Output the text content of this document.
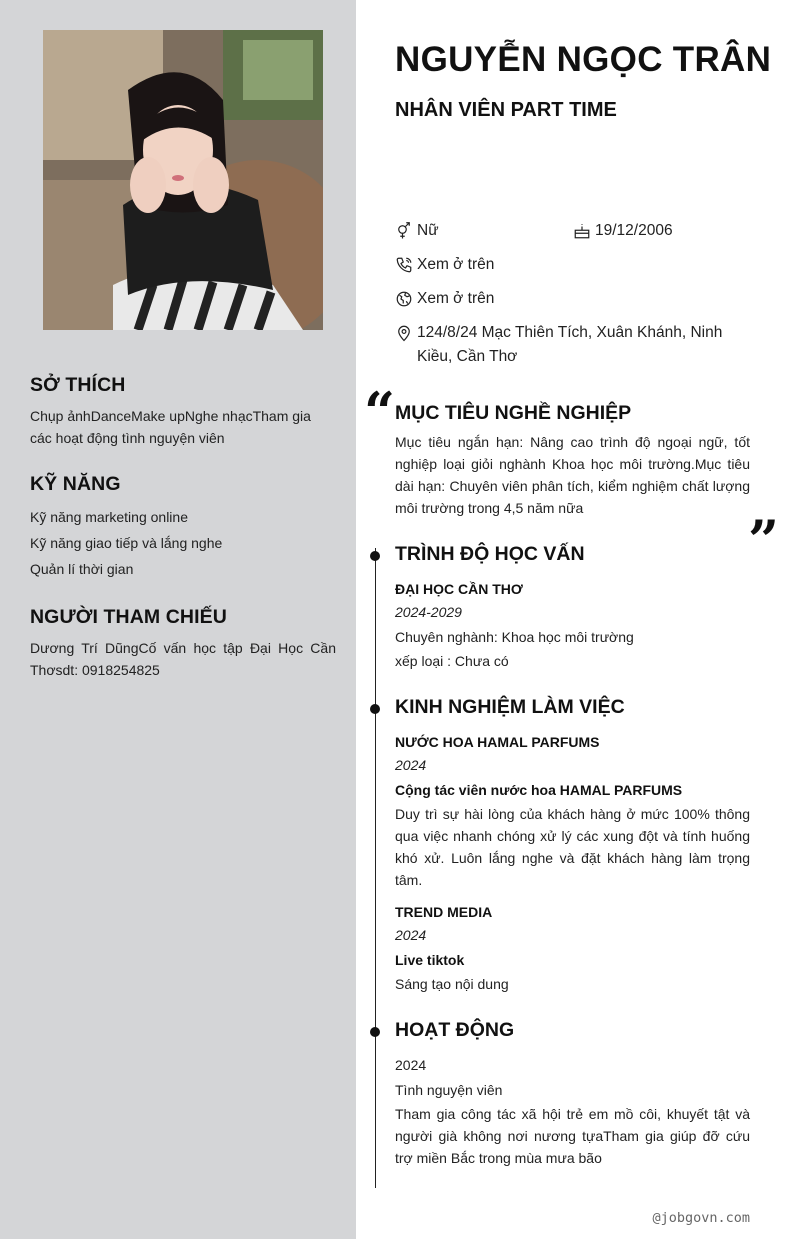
SỞ THÍCH
Chụp ảnhDanceMake upNghe nhạcTham gia các hoạt động tình nguyện viên
KỸ NĂNG
Kỹ năng marketing online
Kỹ năng giao tiếp và lắng nghe
Quản lí thời gian
NGƯỜI THAM CHIẾU
Dương Trí DũngCố vấn học tập Đại Học Cần Thơsdt: 0918254825
NGUYỄN NGỌC TRÂN
NHÂN VIÊN PART TIME
Nữ	19/12/2006
Xem ở trên
Xem ở trên
124/8/24 Mạc Thiên Tích, Xuân Khánh, Ninh Kiều, Cần Thơ
“ MỤC TIÊU NGHỀ NGHIỆP
Mục tiêu ngắn hạn: Nâng cao trình độ ngoại ngữ, tốt nghiệp loại giỏi nghành Khoa học môi trường.Mục tiêu dài hạn: Chuyên viên phân tích, kiểm nghiệm chất lượng môi trường trong 4,5 năm nữa	”
TRÌNH ĐỘ HỌC VẤN
ĐẠI HỌC CẦN THƠ
2024-2029
Chuyên nghành: Khoa học môi trường
xếp loại : Chưa có
KINH NGHIỆM LÀM VIỆC
NƯỚC HOA HAMAL PARFUMS
2024
Cộng tác viên nước hoa HAMAL PARFUMS
Duy trì sự hài lòng của khách hàng ở mức 100% thông qua việc nhanh chóng xử lý các xung đột và tính huống khó xử. Luôn lắng nghe và đặt khách hàng làm trọng tâm.
TREND MEDIA
2024
Live tiktok
Sáng tạo nội dung
HOẠT ĐỘNG
2024
Tình nguyện viên
Tham gia công tác xã hội trẻ em mồ côi, khuyết tật và người già không nơi nương tựaTham gia giúp đỡ cứu trợ miền Bắc trong mùa mưa bão
@jobgovn.com
